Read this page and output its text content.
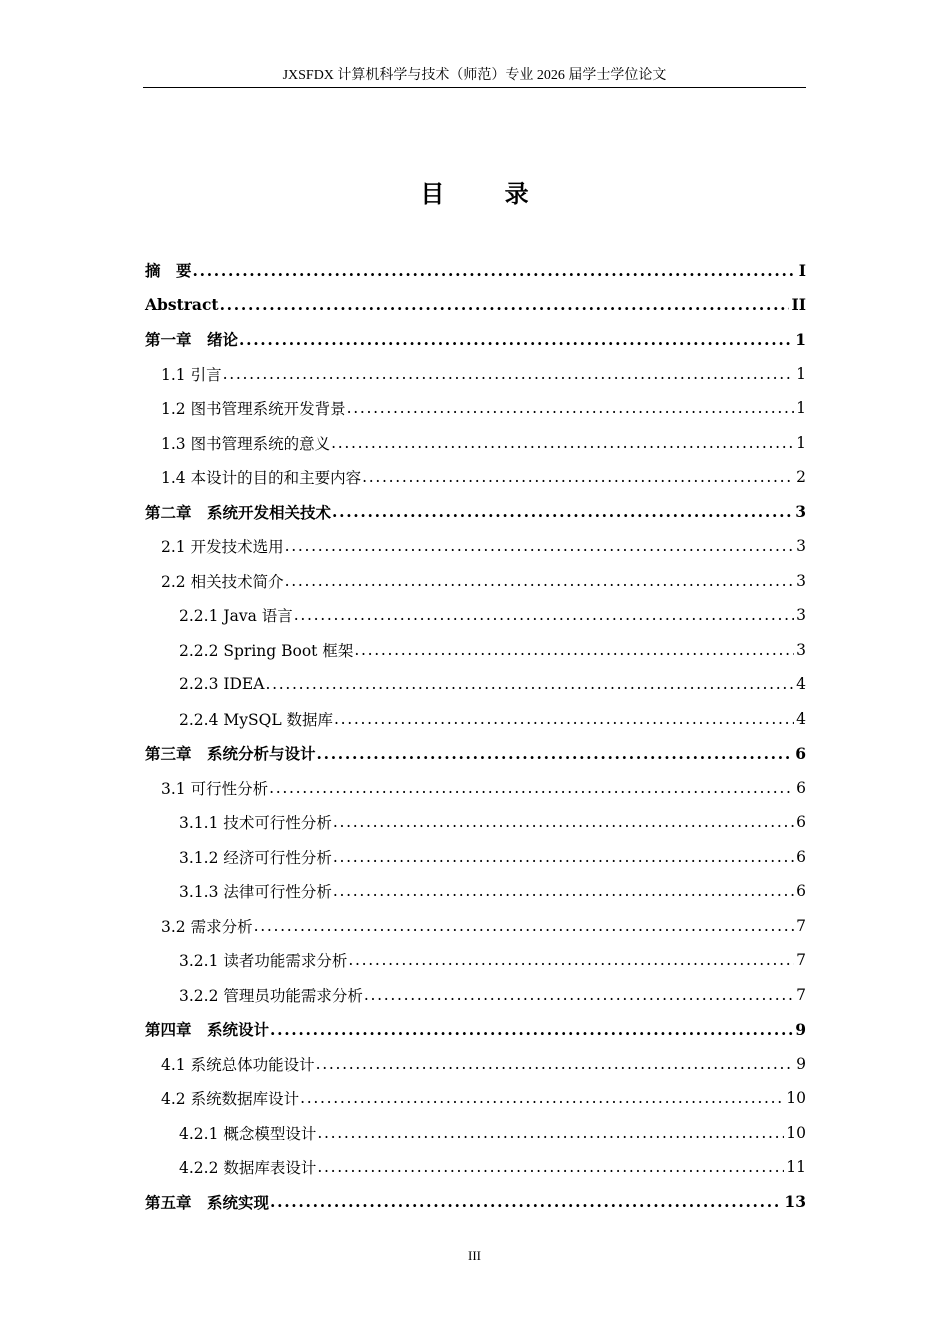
JXSFDX 计算机科学与技术（师范）专业 2026 届学士学位论文
目 录
摘　要 .....	I
Abstract .....	II
第一章　绪论 .....	1
1.1 引言 .....	1
1.2 图书管理系统开发背景 .....	1
1.3 图书管理系统的意义 .....	1
1.4 本设计的目的和主要内容 .....	2
第二章　系统开发相关技术 .....	3
2.1 开发技术选用 .....	3
2.2 相关技术简介 .....	3
2.2.1 Java 语言 .....	3
2.2.2 Spring Boot 框架 .....	3
2.2.3 IDEA .....	4
2.2.4 MySQL 数据库 .....	4
第三章　系统分析与设计 .....	6
3.1 可行性分析 .....	6
3.1.1 技术可行性分析 .....	6
3.1.2 经济可行性分析 .....	6
3.1.3 法律可行性分析 .....	6
3.2 需求分析 .....	7
3.2.1 读者功能需求分析 .....	7
3.2.2 管理员功能需求分析 .....	7
第四章　系统设计 .....	9
4.1 系统总体功能设计 .....	9
4.2 系统数据库设计 .....	10
4.2.1 概念模型设计 .....	10
4.2.2 数据库表设计 .....	11
第五章　系统实现 .....	13
III
